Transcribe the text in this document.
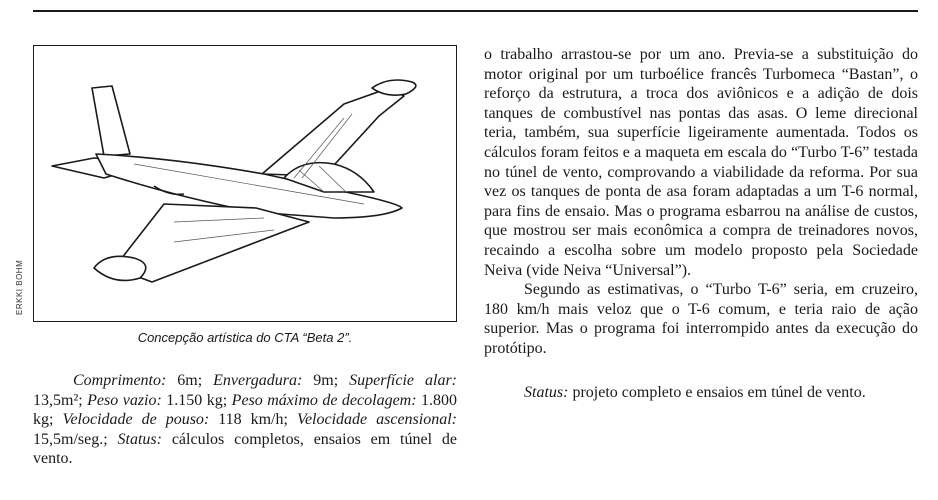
ERKKI BOHM
Concepção artística do CTA “Beta 2”.

Comprimento: 6m; Envergadura: 9m; Superfície alar: 13,5m²; Peso vazio: 1.150 kg; Peso máximo de decolagem: 1.800 kg; Velocidade de pouso: 118 km/h; Velocidade ascensional: 15,5m/seg.; Status: cálculos completos, ensaios em túnel de vento.

o trabalho arrastou-se por um ano. Previa-se a substituição do motor original por um turboélice francês Turbomeca “Bastan”, o reforço da estrutura, a troca dos aviônicos e a adição de dois tanques de combustível nas pontas das asas. O leme direcional teria, também, sua superfície ligeiramente aumentada. Todos os cálculos foram feitos e a maqueta em escala do “Turbo T-6” testada no túnel de vento, comprovando a viabilidade da reforma. Por sua vez os tanques de ponta de asa foram adaptadas a um T-6 normal, para fins de ensaio. Mas o programa esbarrou na análise de custos, que mostrou ser mais econômica a compra de treinadores novos, recaindo a escolha sobre um modelo proposto pela Sociedade Neiva (vide Neiva “Universal”).

Segundo as estimativas, o “Turbo T-6” seria, em cruzeiro, 180 km/h mais veloz que o T-6 comum, e teria raio de ação superior. Mas o programa foi interrompido antes da execução do protótipo.

Status: projeto completo e ensaios em túnel de vento.
